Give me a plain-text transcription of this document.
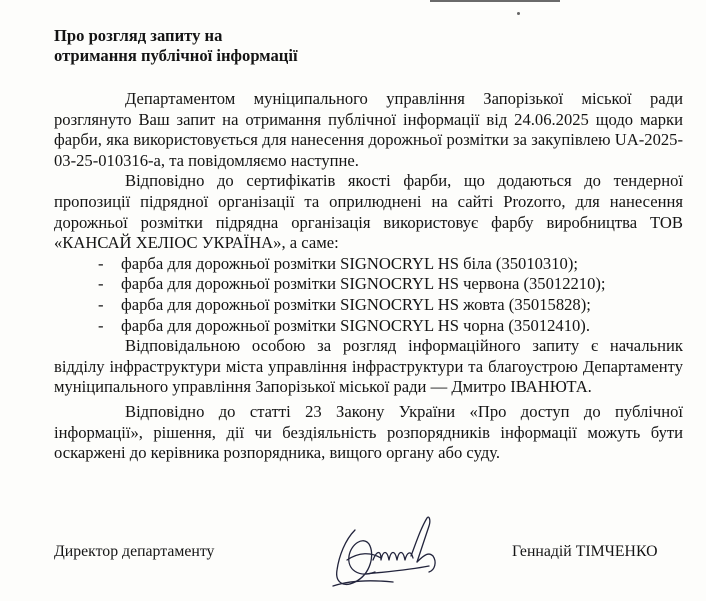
Про розгляд запиту на
отримання публічної інформації

Департаментом муніципального управління Запорізької міської ради розглянуто Ваш запит на отримання публічної інформації від 24.06.2025 щодо марки фарби, яка використовується для нанесення дорожньої розмітки за закупівлею UA-2025-03-25-010316-а, та повідомляємо наступне.

Відповідно до сертифікатів якості фарби, що додаються до тендерної пропозиції підрядної організації та оприлюднені на сайті Prozorro, для нанесення дорожньої розмітки підрядна організація використовує фарбу виробництва ТОВ «КАНСАЙ ХЕЛІОС УКРАЇНА», а саме:

- фарба для дорожньої розмітки SIGNOCRYL HS біла (35010310);
- фарба для дорожньої розмітки SIGNOCRYL HS червона (35012210);
- фарба для дорожньої розмітки SIGNOCRYL HS жовта (35015828);
- фарба для дорожньої розмітки SIGNOCRYL HS чорна (35012410).

Відповідальною особою за розгляд інформаційного запиту є начальник відділу інфраструктури міста управління інфраструктури та благоустрою Департаменту муніципального управління Запорізької міської ради — Дмитро ІВАНЮТА.

Відповідно до статті 23 Закону України «Про доступ до публічної інформації», рішення, дії чи бездіяльність розпорядників інформації можуть бути оскаржені до керівника розпорядника, вищого органу або суду.

Директор департаменту	Геннадій ТІМЧЕНКО
